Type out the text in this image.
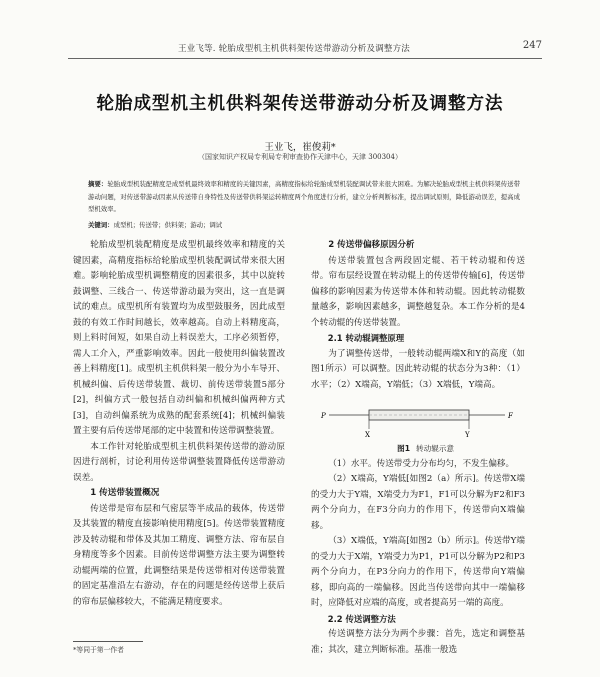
王业飞等. 轮胎成型机主机供料架传送带游动分析及调整方法	247
轮胎成型机主机供料架传送带游动分析及调整方法
王业飞，崔俊莉*
（国家知识产权局专利局专利审查协作天津中心，天津 300304）
摘要：轮胎成型机装配精度是成型机最终效率和精度的关键因素，高精度指标给轮胎成型机装配调试带来很大困难。为解决轮胎成型机主机供料架传送带游动问题，对传送带游动因素从传送带自身特性及传送带供料架运转精度两个角度进行分析，建立分析判断标准，提出调试原则，降低游动误差，提高成型机效率。
关键词：成型机；传送带；供料架；游动；调试

轮胎成型机装配精度是成型机最终效率和精度的关键因素，高精度指标给轮胎成型机装配调试带来很大困难。影响轮胎成型机调整精度的因素很多，其中以旋转鼓调整、三线合一、传送带游动最为突出，这一直是调试的难点。成型机所有装置均为成型鼓服务，因此成型鼓的有效工作时间越长，效率越高。自动上料精度高，则上料时间短，如果自动上料误差大，工序必须暂停，需人工介入，严重影响效率。因此一般使用纠偏装置改善上料精度[1]。成型机主机供料架一般分为小车导开、机械纠偏、后传送带装置、裁切、前传送带装置5部分[2]，纠偏方式一般包括自动纠偏和机械纠偏两种方式[3]，自动纠偏系统为成熟的配套系统[4]；机械纠偏装置主要有后传送带尾部的定中装置和传送带调整装置。

本工作针对轮胎成型机主机供料架传送带的游动原因进行剖析，讨论利用传送带调整装置降低传送带游动误差。

1 传送带装置概况

传送带是帘布层和气密层等半成品的载体，传送带及其装置的精度直接影响使用精度[5]。传送带装置精度涉及转动辊和带体及其加工精度、调整方法、帘布层自身精度等多个因素。目前传送带调整方法主要为调整转动辊两端的位置，此调整结果是传送带相对传送带装置的固定基准沿左右游动，存在的问题是经传送带上获后的帘布层偏移较大，不能满足精度要求。

2 传送带偏移原因分析

传送带装置包含两段固定辊、若干转动辊和传送带。帘布层经设置在转动辊上的传送带传输[6]，传送带偏移的影响因素为传送带本体和转动辊。因此转动辊数量越多，影响因素越多，调整越复杂。本工作分析的是4个转动辊的传送带装置。

2.1 转动辊调整原理

为了调整传送带，一般转动辊两端X和Y的高度（如图1所示）可以调整。因此转动辊的状态分为3种：（1）水平；（2）X端高，Y端低；（3）X端低，Y端高。

P
X	Y
F

图1 转动辊示意

（1）水平。传送带受力分布均匀，不发生偏移。

（2）X端高，Y端低[如图2（a）所示]。传送带X端的受力大于Y端，X端受力为F1，F1可以分解为F2和F3两个分向力，在F3分向力的作用下，传送带向X端偏移。

（3）X端低，Y端高[如图2（b）所示]。传送带Y端的受力大于X端，Y端受力为P1，P1可以分解为P2和P3两个分向力，在P3分向力的作用下，传送带向Y端偏移，即向高的一端偏移。因此当传送带向其中一端偏移时，应降低对应端的高度，或者提高另一端的高度。

2.2 传送调整方法

传送调整方法分为两个步骤：首先，选定和调整基准；其次，建立判断标准。基准一般选

*等同于第一作者
